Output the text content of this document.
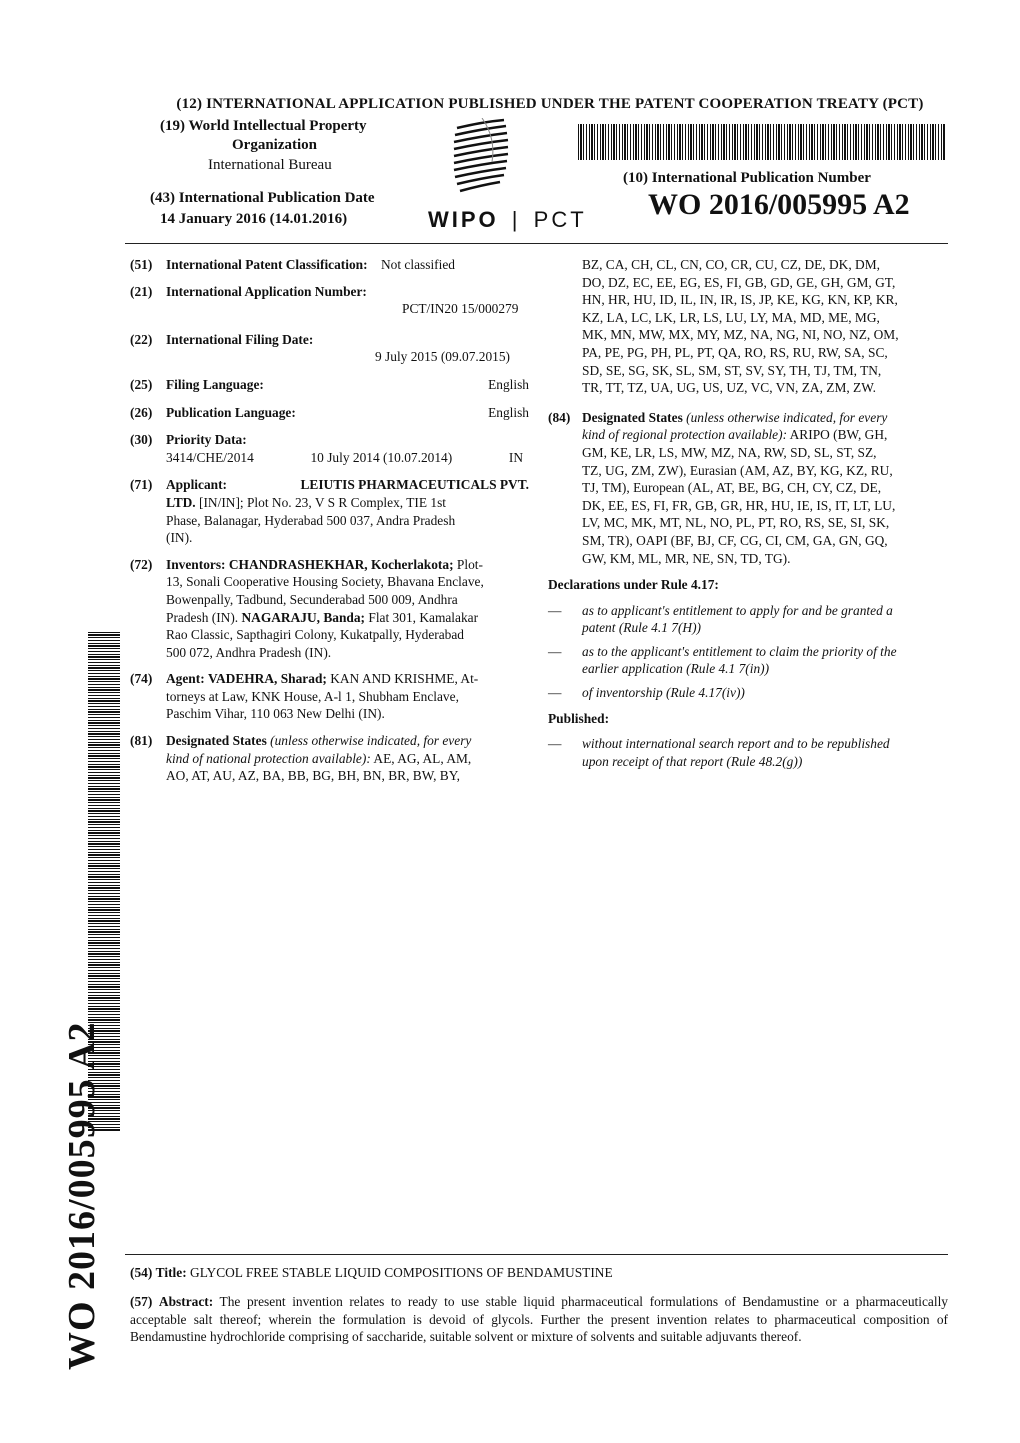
(12) INTERNATIONAL APPLICATION PUBLISHED UNDER THE PATENT COOPERATION TREATY (PCT)
(19) World Intellectual Property
Organization
International Bureau
(43) International Publication Date
14 January 2016 (14.01.2016)	WIPO | PCT
(10) International Publication Number
WO 2016/005995 A2
(51) International Patent Classification: Not classified
(21) International Application Number:
PCT/IN20 15/000279
(22) International Filing Date:
9 July 2015 (09.07.2015)
(25) Filing Language:	English
(26) Publication Language:	English
(30) Priority Data:
3414/CHE/2014	10 July 2014 (10.07.2014)	IN
(71) Applicant:	LEIUTIS PHARMACEUTICALS PVT.
LTD. [IN/IN]; Plot No. 23, V S R Complex, TIE 1st
Phase, Balanagar, Hyderabad 500 037, Andra Pradesh
(IN).
(72) Inventors: CHANDRASHEKHAR, Kocherlakota; Plot-
13, Sonali Cooperative Housing Society, Bhavana Enclave,
Bowenpally, Tadbund, Secunderabad 500 009, Andhra
Pradesh (IN). NAGARAJU, Banda; Flat 301, Kamalakar
Rao Classic, Sapthagiri Colony, Kukatpally, Hyderabad
500 072, Andhra Pradesh (IN).
(74) Agent: VADEHRA, Sharad; KAN AND KRISHME, At-
torneys at Law, KNK House, A-l 1, Shubham Enclave,
Paschim Vihar, 110 063 New Delhi (IN).
(81) Designated States (unless otherwise indicated, for every
kind of national protection available): AE, AG, AL, AM,
AO, AT, AU, AZ, BA, BB, BG, BH, BN, BR, BW, BY,
BZ, CA, CH, CL, CN, CO, CR, CU, CZ, DE, DK, DM,
DO, DZ, EC, EE, EG, ES, FI, GB, GD, GE, GH, GM, GT,
HN, HR, HU, ID, IL, IN, IR, IS, JP, KE, KG, KN, KP, KR,
KZ, LA, LC, LK, LR, LS, LU, LY, MA, MD, ME, MG,
MK, MN, MW, MX, MY, MZ, NA, NG, NI, NO, NZ, OM,
PA, PE, PG, PH, PL, PT, QA, RO, RS, RU, RW, SA, SC,
SD, SE, SG, SK, SL, SM, ST, SV, SY, TH, TJ, TM, TN,
TR, TT, TZ, UA, UG, US, UZ, VC, VN, ZA, ZM, ZW.
(84) Designated States (unless otherwise indicated, for every
kind of regional protection available): ARIPO (BW, GH,
GM, KE, LR, LS, MW, MZ, NA, RW, SD, SL, ST, SZ,
TZ, UG, ZM, ZW), Eurasian (AM, AZ, BY, KG, KZ, RU,
TJ, TM), European (AL, AT, BE, BG, CH, CY, CZ, DE,
DK, EE, ES, FI, FR, GB, GR, HR, HU, IE, IS, IT, LT, LU,
LV, MC, MK, MT, NL, NO, PL, PT, RO, RS, SE, SI, SK,
SM, TR), OAPI (BF, BJ, CF, CG, CI, CM, GA, GN, GQ,
GW, KM, ML, MR, NE, SN, TD, TG).
Declarations under Rule 4.17:
— as to applicant's entitlement to apply for and be granted a
patent (Rule 4.1 7(H))
— as to the applicant's entitlement to claim the priority of the
earlier application (Rule 4.1 7(in))
— of inventorship (Rule 4.17(iv))
Published:
— without international search report and to be republished
upon receipt of that report (Rule 48.2(g))
WO 2016/005995 A2 (54) Title: GLYCOL FREE STABLE LIQUID COMPOSITIONS OF BENDAMUSTINE
(57) Abstract: The present invention relates to ready to use stable liquid pharmaceutical formulations of Bendamustine or a pharmaceutically acceptable salt thereof; wherein the formulation is devoid of glycols. Further the present invention relates to pharmaceutical composition of Bendamustine hydrochloride comprising of saccharide, suitable solvent or mixture of solvents and suitable adjuvants thereof.
